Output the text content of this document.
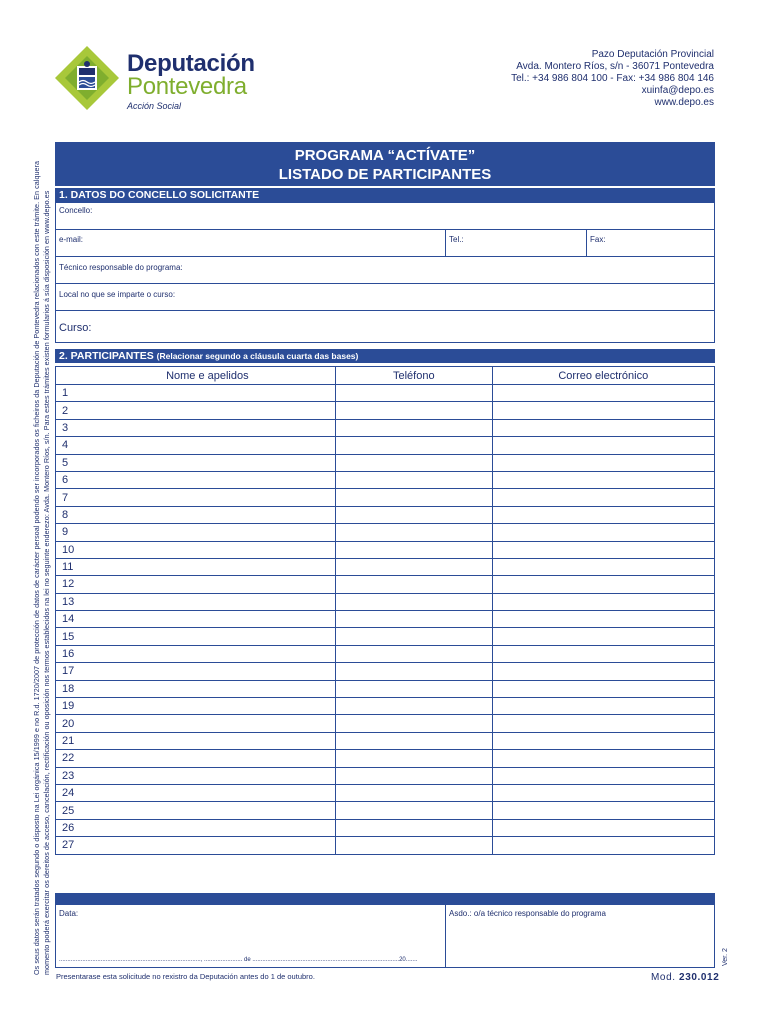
Os seus datos serán tratados segundo o disposto na Lei orgánica 15/1999 e no R.d. 1720/2007 de protección de datos de carácter persoal podendo ser incorporados os ficheiros da Deputación de Pontevedra relacionados con este trámite. En calquera momento poderá exercitar os dereitos de acceso, cancelación, rectificación ou oposición nos termos establecidos na lei no seguinte enderezo: Avda. Montero Ríos, s/n. Para estes trámites existen formularios á súa disposición en www.depo.es
Deputación
Pontevedra
Acción Social
Pazo Deputación Provincial
Avda. Montero Ríos, s/n - 36071 Pontevedra
Tel.: +34 986 804 100 - Fax: +34 986 804 146
xuinfa@depo.es
www.depo.es
PROGRAMA “ACTÍVATE”
LISTADO DE PARTICIPANTES
1. DATOS DO CONCELLO SOLICITANTE
Concello:
e-mail:	Tel.:	Fax:
Técnico responsable do programa:
Local no que se imparte o curso:
Curso:
2. PARTICIPANTES (Relacionar segundo a cláusula cuarta das bases)
	Nome e apelidos	Teléfono	Correo electrónico
1			
2			
3			
4			
5			
6			
7			
8			
9			
10			
11			
12			
13			
14			
15			
16			
17			
18			
19			
20			
21			
22			
23			
24			
25			
26			
27			
Data:
....................................................................................., ....................... de ........................................................................................20.......
Asdo.: o/a técnico responsable do programa
Presentarase esta solicitude no rexistro da Deputación antes do 1 de outubro.	Mod. 230.012
Ver. 2
